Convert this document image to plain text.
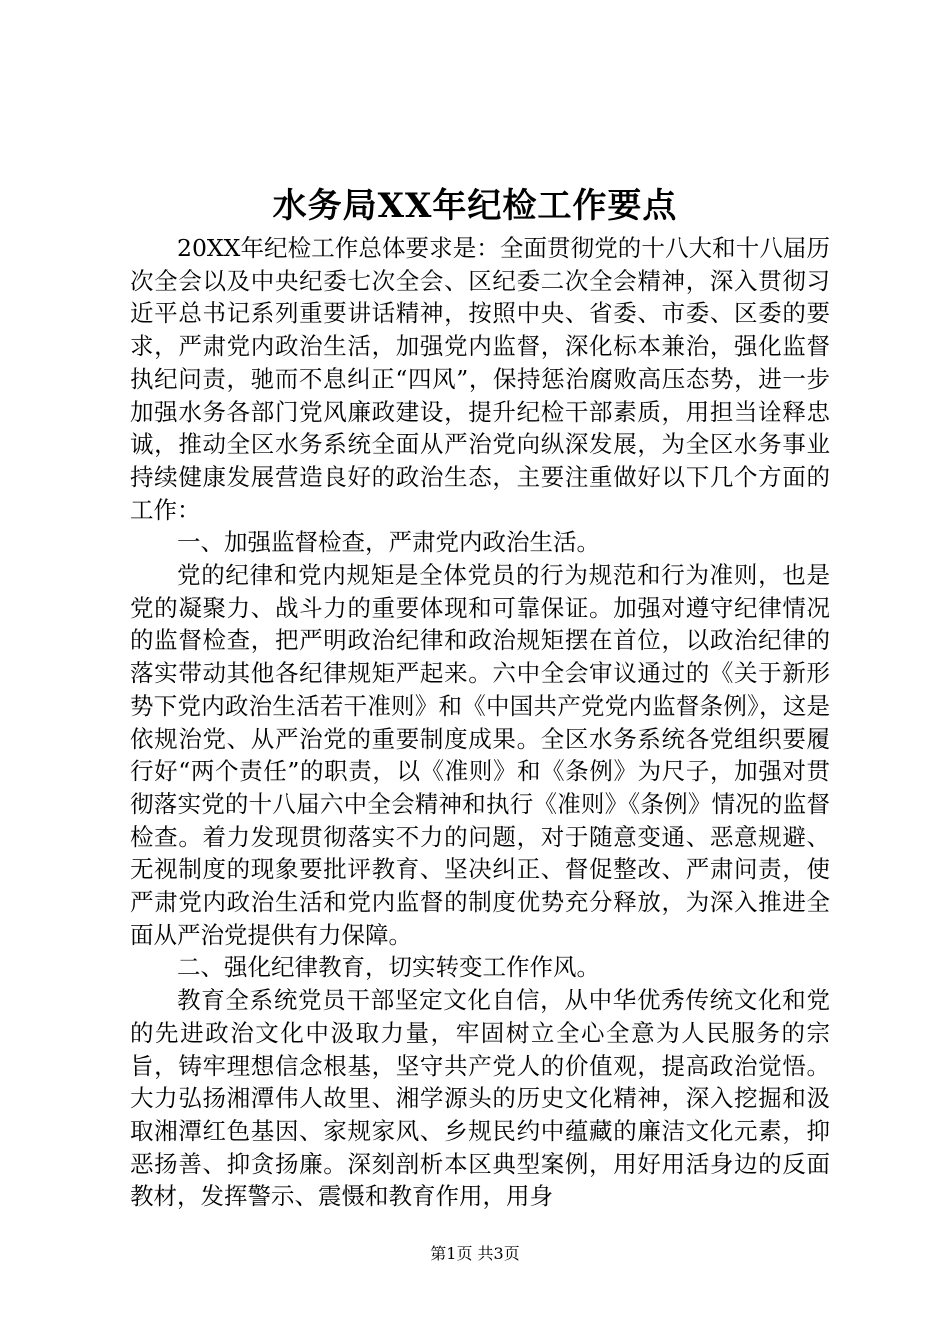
水务局XX年纪检工作要点

20XX年纪检工作总体要求是：全面贯彻党的十八大和十八届历次全会以及中央纪委七次全会、区纪委二次全会精神，深入贯彻习近平总书记系列重要讲话精神，按照中央、省委、市委、区委的要求，严肃党内政治生活，加强党内监督，深化标本兼治，强化监督执纪问责，驰而不息纠正“四风”，保持惩治腐败高压态势，进一步加强水务各部门党风廉政建设，提升纪检干部素质，用担当诠释忠诚，推动全区水务系统全面从严治党向纵深发展，为全区水务事业持续健康发展营造良好的政治生态，主要注重做好以下几个方面的工作：

一、加强监督检查，严肃党内政治生活。

党的纪律和党内规矩是全体党员的行为规范和行为准则，也是党的凝聚力、战斗力的重要体现和可靠保证。加强对遵守纪律情况的监督检查，把严明政治纪律和政治规矩摆在首位，以政治纪律的落实带动其他各纪律规矩严起来。六中全会审议通过的《关于新形势下党内政治生活若干准则》和《中国共产党党内监督条例》，这是依规治党、从严治党的重要制度成果。全区水务系统各党组织要履行好“两个责任”的职责，以《准则》和《条例》为尺子，加强对贯彻落实党的十八届六中全会精神和执行《准则》《条例》情况的监督检查。着力发现贯彻落实不力的问题，对于随意变通、恶意规避、无视制度的现象要批评教育、坚决纠正、督促整改、严肃问责，使严肃党内政治生活和党内监督的制度优势充分释放，为深入推进全面从严治党提供有力保障。

二、强化纪律教育，切实转变工作作风。

教育全系统党员干部坚定文化自信，从中华优秀传统文化和党的先进政治文化中汲取力量，牢固树立全心全意为人民服务的宗旨，铸牢理想信念根基，坚守共产党人的价值观，提高政治觉悟。大力弘扬湘潭伟人故里、湘学源头的历史文化精神，深入挖掘和汲取湘潭红色基因、家规家风、乡规民约中蕴藏的廉洁文化元素，抑恶扬善、抑贪扬廉。深刻剖析本区典型案例，用好用活身边的反面教材，发挥警示、震慑和教育作用，用身

第1页 共3页
